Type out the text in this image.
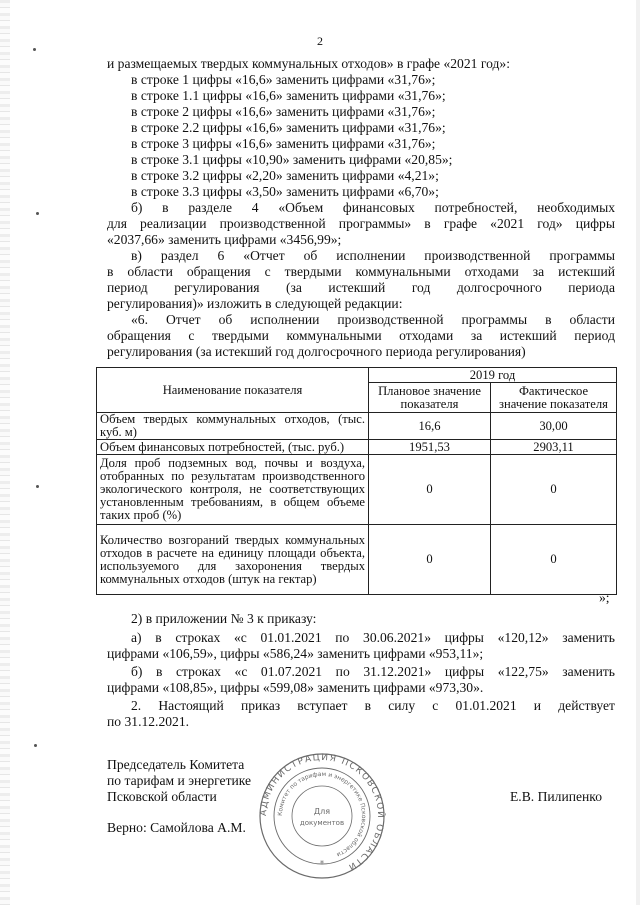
2
и размещаемых твердых коммунальных отходов» в графе «2021 год»:
в строке 1 цифры «16,6» заменить цифрами «31,76»;
в строке 1.1 цифры «16,6» заменить цифрами «31,76»;
в строке 2 цифры «16,6» заменить цифрами «31,76»;
в строке 2.2 цифры «16,6» заменить цифрами «31,76»;
в строке 3 цифры «16,6» заменить цифрами «31,76»;
в строке 3.1 цифры «10,90» заменить цифрами «20,85»;
в строке 3.2 цифры «2,20» заменить цифрами «4,21»;
в строке 3.3 цифры «3,50» заменить цифрами «6,70»;
б) в разделе 4 «Объем финансовых потребностей, необходимых
для реализации производственной программы» в графе «2021 год» цифры
«2037,66» заменить цифрами «3456,99»;
в) раздел 6 «Отчет об исполнении производственной программы
в области обращения с твердыми коммунальными отходами за истекший
период регулирования (за истекший год долгосрочного периода
регулирования)» изложить в следующей редакции:
«6. Отчет об исполнении производственной программы в области
обращения с твердыми коммунальными отходами за истекший период
регулирования (за истекший год долгосрочного периода регулирования)
Наименование показателя	2019 год	
	Плановое значение показателя	Фактическое значение показателя
Объем твердых коммунальных отходов, (тыс. куб. м)	16,6	30,00
Объем финансовых потребностей, (тыс. руб.)	1951,53	2903,11
Доля проб подземных вод, почвы и воздуха, отобранных по результатам производственного экологического контроля, не соответствующих установленным требованиям, в общем объеме таких проб (%)	0	0
Количество возгораний твердых коммунальных отходов в расчете на единицу площади объекта, используемого для захоронения твердых коммунальных отходов (штук на гектар)	0	0
»;
2) в приложении № 3 к приказу:
а) в строках «с 01.01.2021 по 30.06.2021» цифры «120,12» заменить
цифрами «106,59», цифры «586,24» заменить цифрами «953,11»;
б) в строках «с 01.07.2021 по 31.12.2021» цифры «122,75» заменить
цифрами «108,85», цифры «599,08» заменить цифрами «973,30».
2. Настоящий приказ вступает в силу с 01.01.2021 и действует
по 31.12.2021.
Председатель Комитета
по тарифам и энергетике
Псковской области	Е.В. Пилипенко
Верно: Самойлова А.М.
АДМИНИСТРАЦИЯ ПСКОВСКОЙ ОБЛАСТИ
Комитет по тарифам и энергетике Псковской области
Для
документов
*
